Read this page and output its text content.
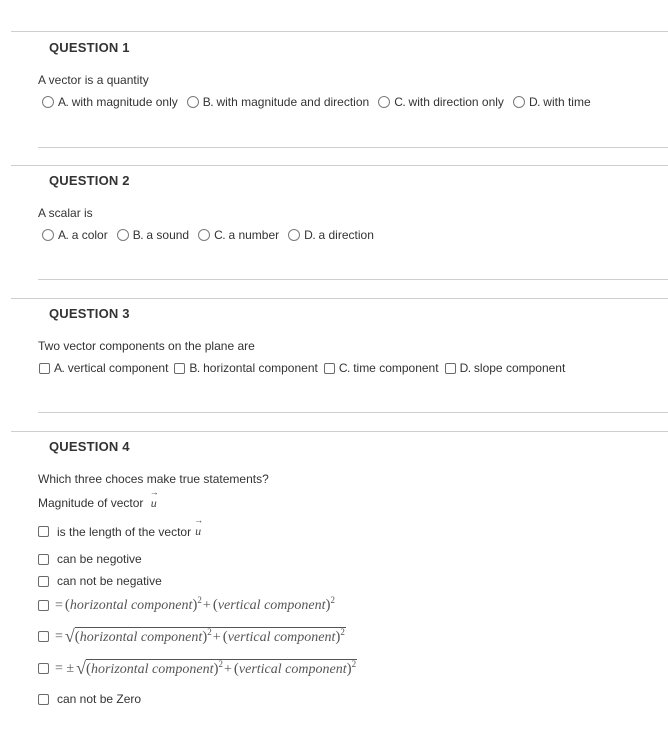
QUESTION 1
A vector is a quantity
A.
with magnitude only B.
with magnitude and direction C.
with direction only D.
with time
QUESTION 2
A scalar is
A.
a color B.
a sound C.
a number D.
a direction
QUESTION 3
Two vector components on the plane are
A.
vertical component B.
horizontal component C.
time component D.
slope component
QUESTION 4
Which three choces make true statements?
Magnitude of vector u →
is the length of the vector u →
can be negotive
can not be negative
= ( horizontal component ) 2 + ( vertical component ) 2
= √ ( horizontal component ) 2 + ( vertical component ) 2
= ± √ ( horizontal component ) 2 + ( vertical component ) 2
can not be Zero
